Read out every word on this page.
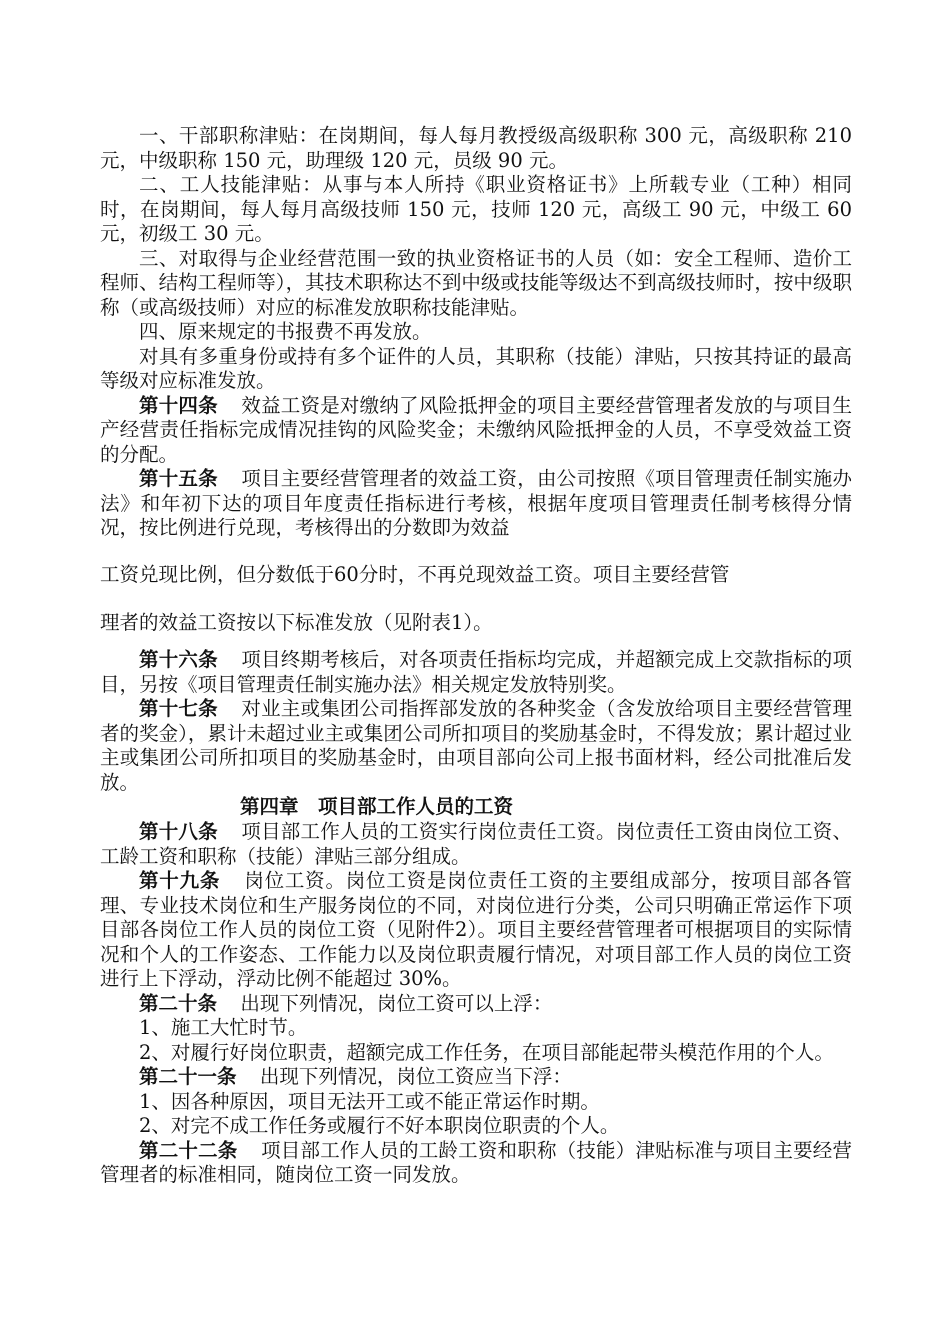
一、干部职称津贴：在岗期间，每人每月教授级高级职称 300 元，高级职称 210 元，中级职称 150 元，助理级 120 元，员级 90 元。

二、工人技能津贴：从事与本人所持《职业资格证书》上所载专业（工种）相同时，在岗期间，每人每月高级技师 150 元，技师 120 元，高级工 90 元，中级工 60 元，初级工 30 元。

三、对取得与企业经营范围一致的执业资格证书的人员（如：安全工程师、造价工程师、结构工程师等），其技术职称达不到中级或技能等级达不到高级技师时，按中级职称（或高级技师）对应的标准发放职称技能津贴。

四、原来规定的书报费不再发放。

对具有多重身份或持有多个证件的人员，其职称（技能）津贴，只按其持证的最高等级对应标准发放。

第十四条 效益工资是对缴纳了风险抵押金的项目主要经营管理者发放的与项目生产经营责任指标完成情况挂钩的风险奖金；未缴纳风险抵押金的人员，不享受效益工资的分配。

第十五条 项目主要经营管理者的效益工资，由公司按照《项目管理责任制实施办法》和年初下达的项目年度责任指标进行考核，根据年度项目管理责任制考核得分情况，按比例进行兑现，考核得出的分数即为效益

工资兑现比例，但分数低于60分时，不再兑现效益工资。项目主要经营管
理者的效益工资按以下标准发放（见附表1）。

第十六条 项目终期考核后，对各项责任指标均完成，并超额完成上交款指标的项目，另按《项目管理责任制实施办法》相关规定发放特别奖。

第十七条 对业主或集团公司指挥部发放的各种奖金（含发放给项目主要经营管理者的奖金），累计未超过业主或集团公司所扣项目的奖励基金时，不得发放；累计超过业主或集团公司所扣项目的奖励基金时，由项目部向公司上报书面材料，经公司批准后发放。

第四章　项目部工作人员的工资

第十八条 项目部工作人员的工资实行岗位责任工资。岗位责任工资由岗位工资、工龄工资和职称（技能）津贴三部分组成。

第十九条 岗位工资。岗位工资是岗位责任工资的主要组成部分，按项目部各管理、专业技术岗位和生产服务岗位的不同，对岗位进行分类，公司只明确正常运作下项目部各岗位工作人员的岗位工资（见附件2）。项目主要经营管理者可根据项目的实际情况和个人的工作姿态、工作能力以及岗位职责履行情况，对项目部工作人员的岗位工资进行上下浮动，浮动比例不能超过 30%。

第二十条 出现下列情况，岗位工资可以上浮：

1、施工大忙时节。

2、对履行好岗位职责，超额完成工作任务，在项目部能起带头模范作用的个人。

第二十一条 出现下列情况，岗位工资应当下浮：

1、因各种原因，项目无法开工或不能正常运作时期。

2、对完不成工作任务或履行不好本职岗位职责的个人。

第二十二条 项目部工作人员的工龄工资和职称（技能）津贴标准与项目主要经营管理者的标准相同，随岗位工资一同发放。
